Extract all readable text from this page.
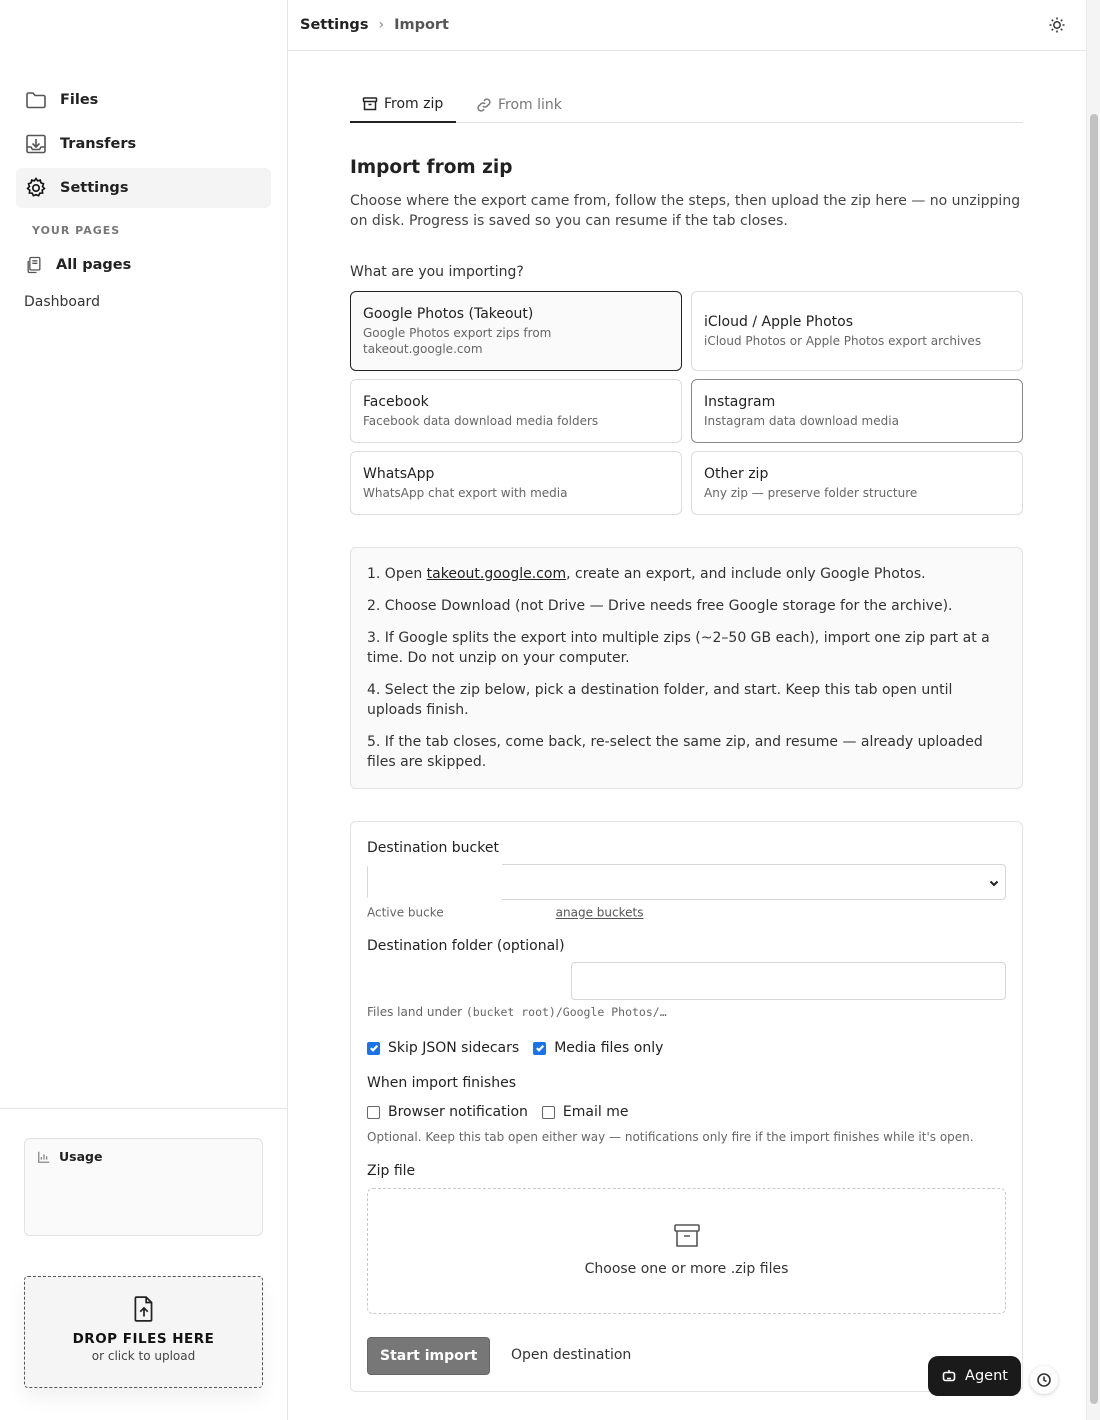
Files
Transfers
Settings
YOUR PAGES
All pages
Dashboard
Usage
DROP FILES HERE
or click to upload
Settings › Import
From zip	From link
Import from zip

Choose where the export came from, follow the steps, then upload the zip here — no unzipping on disk. Progress is saved so you can resume if the tab closes.

What are you importing?
Google Photos (Takeout)
Google Photos export zips from takeout.google.com
iCloud / Apple Photos
iCloud Photos or Apple Photos export archives
Facebook
Facebook data download media folders
Instagram
Instagram data download media
WhatsApp
WhatsApp chat export with media
Other zip
Any zip — preserve folder structure
1. Open takeout.google.com, create an export, and include only Google Photos.
2. Choose Download (not Drive — Drive needs free Google storage for the archive).
3. If Google splits the export into multiple zips (~2–50 GB each), import one zip part at a time. Do not unzip on your computer.
4. Select the zip below, pick a destination folder, and start. Keep this tab open until uploads finish.
5. If the tab closes, come back, re-select the same zip, and resume — already uploaded files are skipped.
Destination bucket
Active bucke	anage buckets
Destination folder (optional)
Files land under (bucket root)/Google Photos/…
Skip JSON sidecars	Media files only
When import finishes
Browser notification	Email me
Optional. Keep this tab open either way — notifications only fire if the import finishes while it's open.
Zip file
Choose one or more .zip files
Start import	Open destination
Agent
